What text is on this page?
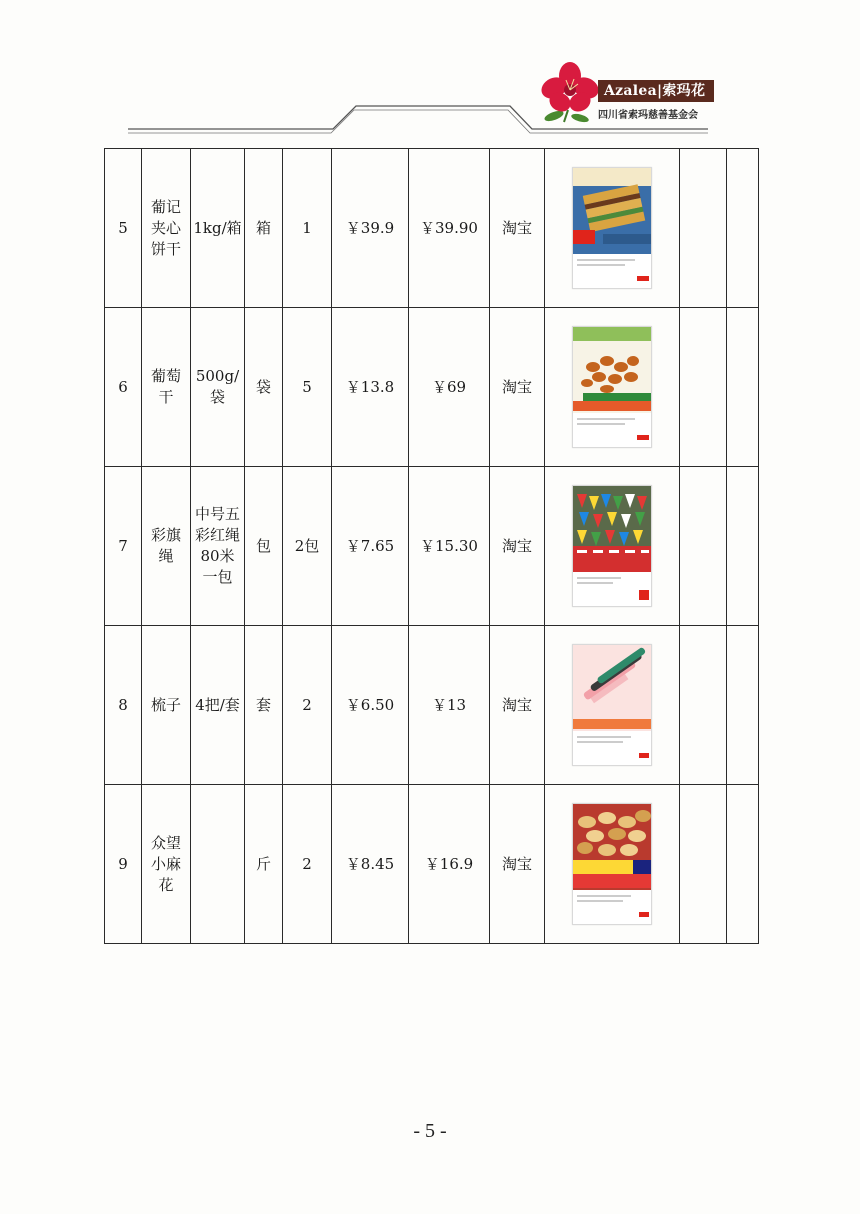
Azalea|索玛花
四川省索玛慈善基金会
5	葡记夹心饼干	1kg/箱	箱	1	￥39.9	￥39.90	淘宝	

6	葡萄干	500g/袋	袋	5	￥13.8	￥69	淘宝	

7	彩旗绳	中号五彩红绳80米一包	包	2包	￥7.65	￥15.30	淘宝	

8	梳子	4把/套	套	2	￥6.50	￥13	淘宝	

9	众望小麻花		斤	2	￥8.45	￥16.9	淘宝	

- 5 -
